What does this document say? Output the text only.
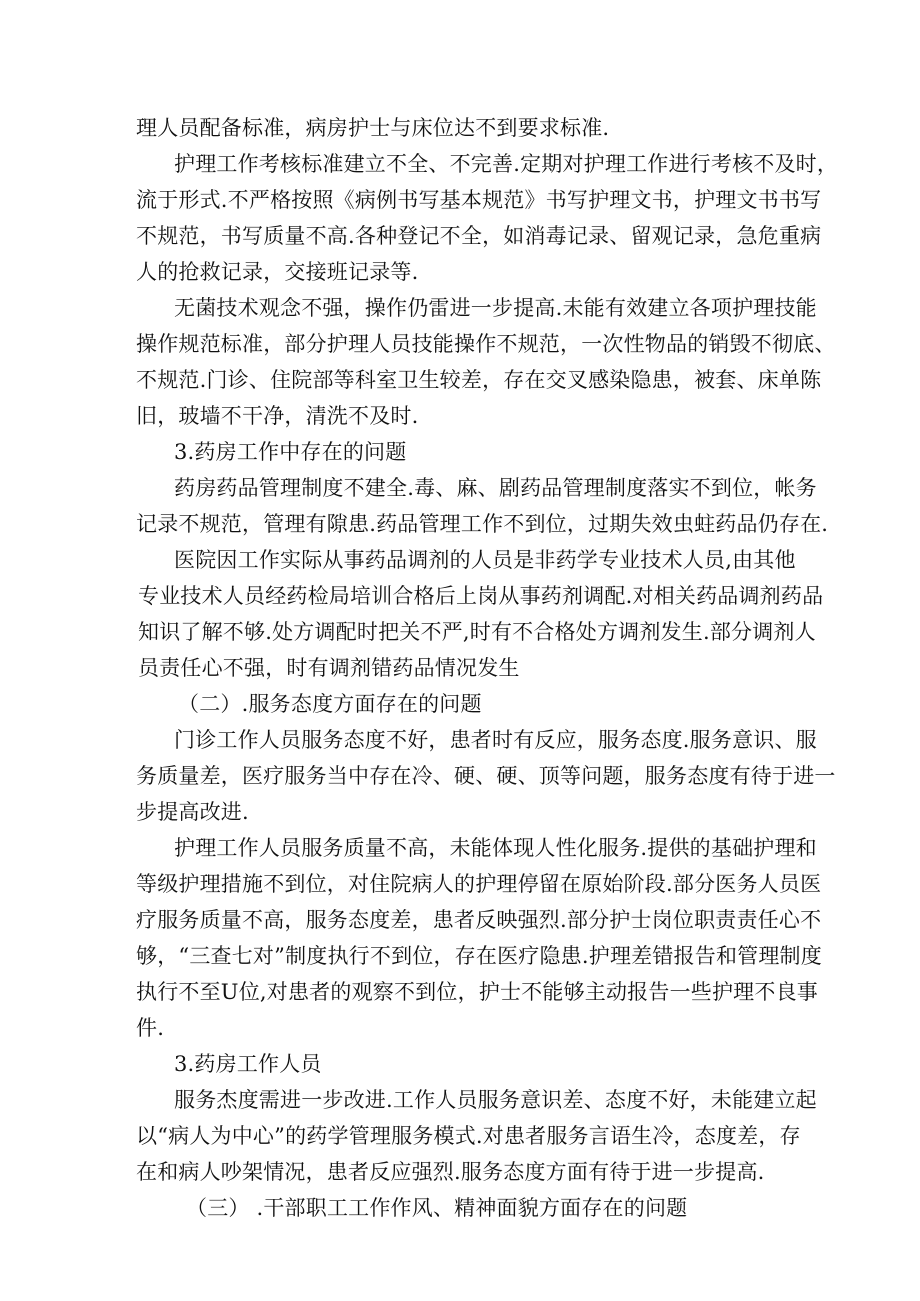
理人员配备标准，病房护士与床位达不到要求标准.
护理工作考核标准建立不全、不完善.定期对护理工作进行考核不及时，
流于形式.不严格按照《病例书写基本规范》书写护理文书，护理文书书写
不规范，书写质量不高.各种登记不全，如消毒记录、留观记录，急危重病
人的抢救记录，交接班记录等.
无菌技术观念不强，操作仍雷进一步提高.未能有效建立各项护理技能
操作规范标准，部分护理人员技能操作不规范，一次性物品的销毁不彻底、
不规范.门诊、住院部等科室卫生较差，存在交叉感染隐患，被套、床单陈
旧，玻墙不干净，清洗不及时.
3.药房工作中存在的问题
药房药品管理制度不建全.毒、麻、剧药品管理制度落实不到位，帐务
记录不规范，管理有隙患.药品管理工作不到位，过期失效虫蛀药品仍存在.
医院因工作实际从事药品调剂的人员是非药学专业技术人员,由其他
专业技术人员经药检局培训合格后上岗从事药剂调配.对相关药品调剂药品
知识了解不够.处方调配时把关不严,时有不合格处方调剂发生.部分调剂人
员责任心不强，时有调剂错药品情况发生
（二）.服务态度方面存在的问题
门诊工作人员服务态度不好，患者时有反应，服务态度.服务意识、服
务质量差，医疗服务当中存在冷、硬、硬、顶等问题，服务态度有待于进一
步提高改进.
护理工作人员服务质量不高，未能体现人性化服务.提供的基础护理和
等级护理措施不到位，对住院病人的护理停留在原始阶段.部分医务人员医
疗服务质量不高，服务态度差，患者反映强烈.部分护士岗位职责责任心不
够，“三查七对”制度执行不到位，存在医疗隐患.护理差错报告和管理制度
执行不至U位,对患者的观察不到位，护士不能够主动报告一些护理不良事
件.
3.药房工作人员
服务杰度需进一步改进.工作人员服务意识差、态度不好，未能建立起
以“病人为中心”的药学管理服务模式.对患者服务言语生冷，态度差，存
在和病人吵架情况，患者反应强烈.服务态度方面有待于进一步提高.
（三） .干部职工工作作风、精神面貌方面存在的问题
